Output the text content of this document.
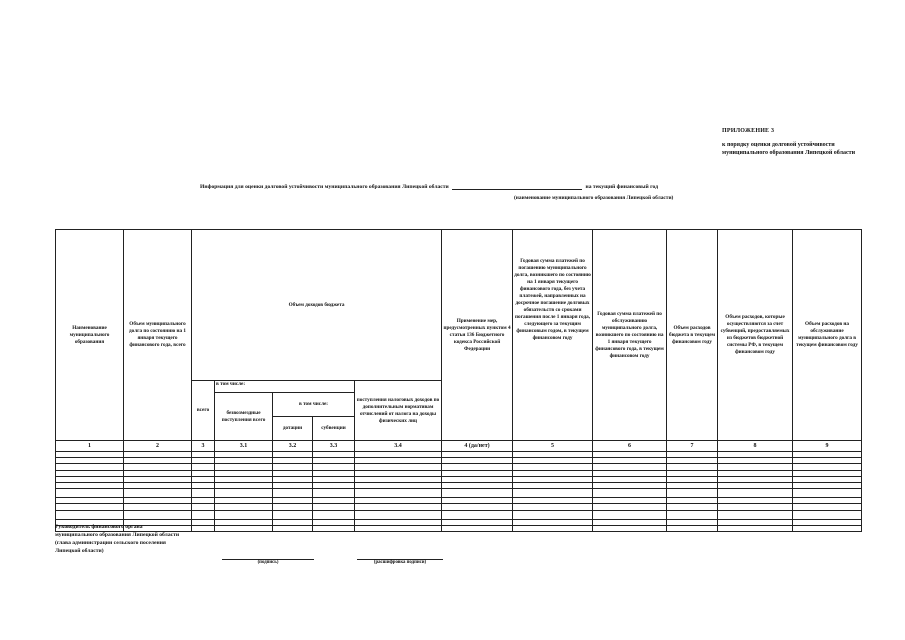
ПРИЛОЖЕНИЕ 3
к порядку оценки долговой устойчивости муниципального образования Липецкой области
Информация для оценки долговой устойчивости муниципального образования Липецкой области	на текущий финансовый год
(наименование муниципального образования Липецкой области)
Наименование муниципального образования	Объем муниципального долга по состоянию на 1 января текущего финансового года, всего	Объем доходов бюджета					Применение мер, предусмотренных пунктом 4 статьи 136 Бюджетного кодекса Российской Федерации	Годовая сумма платежей по погашению муниципального долга, возникшего по состоянию на 1 января текущего финансового года, без учета платежей, направленных на досрочное погашение долговых обязательств со сроками погашения после 1 января года, следующего за текущим финансовым годом, в текущем финансовом году	Годовая сумма платежей по обслуживанию муниципального долга, возникшего по состоянию на 1 января текущего финансового года, в текущем финансовом году	Объем расходов бюджета в текущем финансовом году	Объем расходов, которые осуществляются за счет субвенций, предоставляемых из бюджетов бюджетной системы РФ, в текущем финансовом году	Объем расходов на обслуживание муниципального долга в текущем финансовом году
		всего	в том числе:			поступления налоговых доходов по дополнительным нормативам отчислений от налога на доходы физических лиц						
			безвозмездные поступления всего	в том числе:								
				дотации	субвенции							
1	2	3	3.1	3.2	3.3	3.4	4 (да/нет)	5	6	7	8	9

Руководитель финансового органа
муниципального образования Липецкой области
(глава администрации сельского поселения
Липецкой области)
(подпись)	(расшифровка подписи)
